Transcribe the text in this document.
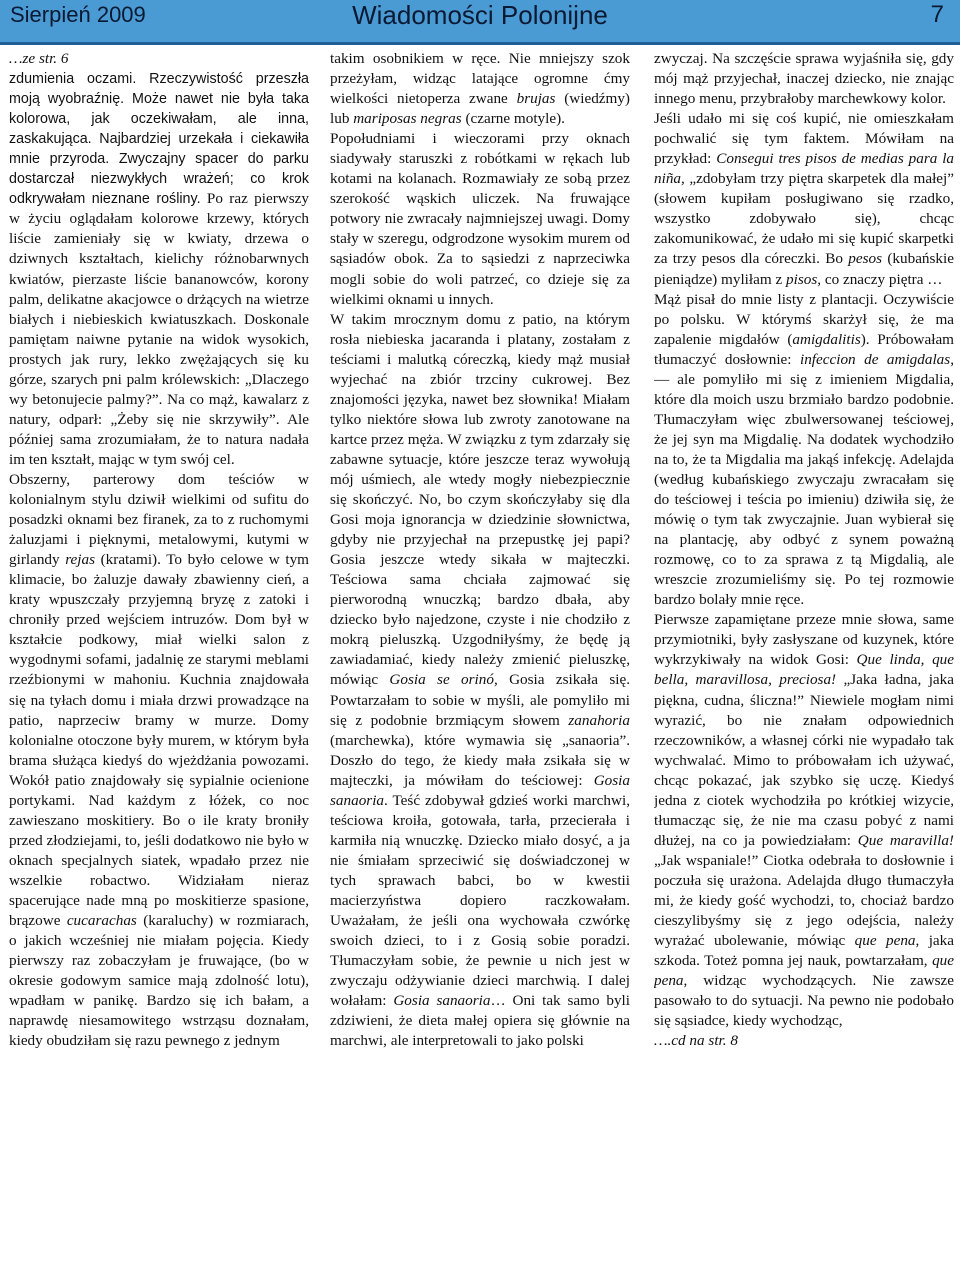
Sierpień 2009	Wiadomości Polonijne	7

…ze str. 6

zdumienia oczami. Rzeczywistość przeszła moją wyobraźnię. Może nawet nie była taka kolorowa, jak oczekiwałam, ale inna, zaskakująca. Najbardziej urzekała i ciekawiła mnie przyroda. Zwyczajny spacer do parku dostarczał niezwykłych wrażeń; co krok odkrywałam nieznane rośliny. Po raz pierwszy w życiu oglądałam kolorowe krzewy, których liście zamieniały się w kwiaty, drzewa o dziwnych kształtach, kielichy różnobarwnych kwiatów, pierzaste liście bananowców, korony palm, delikatne akacjowce o drżących na wietrze białych i niebieskich kwiatuszkach. Doskonale pamiętam naiwne pytanie na widok wysokich, prostych jak rury, lekko zwężających się ku górze, szarych pni palm królewskich: „Dlaczego wy betonujecie palmy?”. Na co mąż, kawalarz z natury, odparł: „Żeby się nie skrzywiły”. Ale później sama zrozumiałam, że to natura nadała im ten kształt, mając w tym swój cel.

Obszerny, parterowy dom teściów w kolonialnym stylu dziwił wielkimi od sufitu do posadzki oknami bez firanek, za to z ruchomymi żaluzjami i pięknymi, metalowymi, kutymi w girlandy rejas (kratami). To było celowe w tym klimacie, bo żaluzje dawały zbawienny cień, a kraty wpuszczały przyjemną bryzę z zatoki i chroniły przed wejściem intruzów. Dom był w kształcie podkowy, miał wielki salon z wygodnymi sofami, jadalnię ze starymi meblami rzeźbionymi w mahoniu. Kuchnia znajdowała się na tyłach domu i miała drzwi prowadzące na patio, naprzeciw bramy w murze. Domy kolonialne otoczone były murem, w którym była brama służąca kiedyś do wjeżdżania powozami. Wokół patio znajdowały się sypialnie ocienione portykami. Nad każdym z łóżek, co noc zawieszano moskitiery. Bo o ile kraty broniły przed złodziejami, to, jeśli dodatkowo nie było w oknach specjalnych siatek, wpadało przez nie wszelkie robactwo. Widziałam nieraz spacerujące nade mną po moskitierze spasione, brązowe cucarachas (karaluchy) w rozmiarach, o jakich wcześniej nie miałam pojęcia. Kiedy pierwszy raz zobaczyłam je fruwające, (bo w okresie godowym samice mają zdolność lotu), wpadłam w panikę. Bardzo się ich bałam, a naprawdę niesamowitego wstrząsu doznałam, kiedy obudziłam się razu pewnego z jednym

takim osobnikiem w ręce. Nie mniejszy szok przeżyłam, widząc latające ogromne ćmy wielkości nietoperza zwane brujas (wiedźmy) lub mariposas negras (czarne motyle).

Popołudniami i wieczorami przy oknach siadywały staruszki z robótkami w rękach lub kotami na kolanach. Rozmawiały ze sobą przez szerokość wąskich uliczek. Na fruwające potwory nie zwracały najmniejszej uwagi. Domy stały w szeregu, odgrodzone wysokim murem od sąsiadów obok. Za to sąsiedzi z naprzeciwka mogli sobie do woli patrzeć, co dzieje się za wielkimi oknami u innych.

W takim mrocznym domu z patio, na którym rosła niebieska jacaranda i platany, zostałam z teściami i malutką córeczką, kiedy mąż musiał wyjechać na zbiór trzciny cukrowej. Bez znajomości języka, nawet bez słownika! Miałam tylko niektóre słowa lub zwroty zanotowane na kartce przez męża. W związku z tym zdarzały się zabawne sytuacje, które jeszcze teraz wywołują mój uśmiech, ale wtedy mogły niebezpiecznie się skończyć. No, bo czym skończyłaby się dla Gosi moja ignorancja w dziedzinie słownictwa, gdyby nie przyjechał na przepustkę jej papi? Gosia jeszcze wtedy sikała w majteczki. Teściowa sama chciała zajmować się pierworodną wnuczką; bardzo dbała, aby dziecko było najedzone, czyste i nie chodziło z mokrą pieluszką. Uzgodniłyśmy, że będę ją zawiadamiać, kiedy należy zmienić pieluszkę, mówiąc Gosia se orinó, Gosia zsikała się. Powtarzałam to sobie w myśli, ale pomyliło mi się z podobnie brzmiącym słowem zanahoria (marchewka), które wymawia się „sanaoria”. Doszło do tego, że kiedy mała zsikała się w majteczki, ja mówiłam do teściowej: Gosia sanaoria. Teść zdobywał gdzieś worki marchwi, teściowa kroiła, gotowała, tarła, przecierała i karmiła nią wnuczkę. Dziecko miało dosyć, a ja nie śmiałam sprzeciwić się doświadczonej w tych sprawach babci, bo w kwestii macierzyństwa dopiero raczkowałam. Uważałam, że jeśli ona wychowała czwórkę swoich dzieci, to i z Gosią sobie poradzi. Tłumaczyłam sobie, że pewnie u nich jest w zwyczaju odżywianie dzieci marchwią. I dalej wołałam: Gosia sanaoria… Oni tak samo byli zdziwieni, że dieta małej opiera się głównie na marchwi, ale interpretowali to jako polski

zwyczaj. Na szczęście sprawa wyjaśniła się, gdy mój mąż przyjechał, inaczej dziecko, nie znając innego menu, przybrałoby marchewkowy kolor.

Jeśli udało mi się coś kupić, nie omieszkałam pochwalić się tym faktem. Mówiłam na przykład: Consegui tres pisos de medias para la niña, „zdobyłam trzy piętra skarpetek dla małej” (słowem kupiłam posługiwano się rzadko, wszystko zdobywało się), chcąc zakomunikować, że udało mi się kupić skarpetki za trzy pesos dla córeczki. Bo pesos (kubańskie pieniądze) myliłam z pisos, co znaczy piętra …

Mąż pisał do mnie listy z plantacji. Oczywiście po polsku. W którymś skarżył się, że ma zapalenie migdałów (amigdalitis). Próbowałam tłumaczyć dosłownie: infeccion de amigdalas, — ale pomyliło mi się z imieniem Migdalia, które dla moich uszu brzmiało bardzo podobnie. Tłumaczyłam więc zbulwersowanej teściowej, że jej syn ma Migdalię. Na dodatek wychodziło na to, że ta Migdalia ma jakąś infekcję. Adelajda (według kubańskiego zwyczaju zwracałam się do teściowej i teścia po imieniu) dziwiła się, że mówię o tym tak zwyczajnie. Juan wybierał się na plantację, aby odbyć z synem poważną rozmowę, co to za sprawa z tą Migdalią, ale wreszcie zrozumieliśmy się. Po tej rozmowie bardzo bolały mnie ręce.

Pierwsze zapamiętane przeze mnie słowa, same przymiotniki, były zasłyszane od kuzynek, które wykrzykiwały na widok Gosi: Que linda, que bella, maravillosa, preciosa! „Jaka ładna, jaka piękna, cudna, śliczna!” Niewiele mogłam nimi wyrazić, bo nie znałam odpowiednich rzeczowników, a własnej córki nie wypadało tak wychwalać. Mimo to próbowałam ich używać, chcąc pokazać, jak szybko się uczę. Kiedyś jedna z ciotek wychodziła po krótkiej wizycie, tłumacząc się, że nie ma czasu pobyć z nami dłużej, na co ja powiedziałam: Que maravilla! „Jak wspaniale!” Ciotka odebrała to dosłownie i poczuła się urażona. Adelajda długo tłumaczyła mi, że kiedy gość wychodzi, to, chociaż bardzo cieszylibyśmy się z jego odejścia, należy wyrażać ubolewanie, mówiąc que pena, jaka szkoda. Toteż pomna jej nauk, powtarzałam, que pena, widząc wychodzących. Nie zawsze pasowało to do sytuacji. Na pewno nie podobało się sąsiadce, kiedy wychodząc,

….cd na str. 8
